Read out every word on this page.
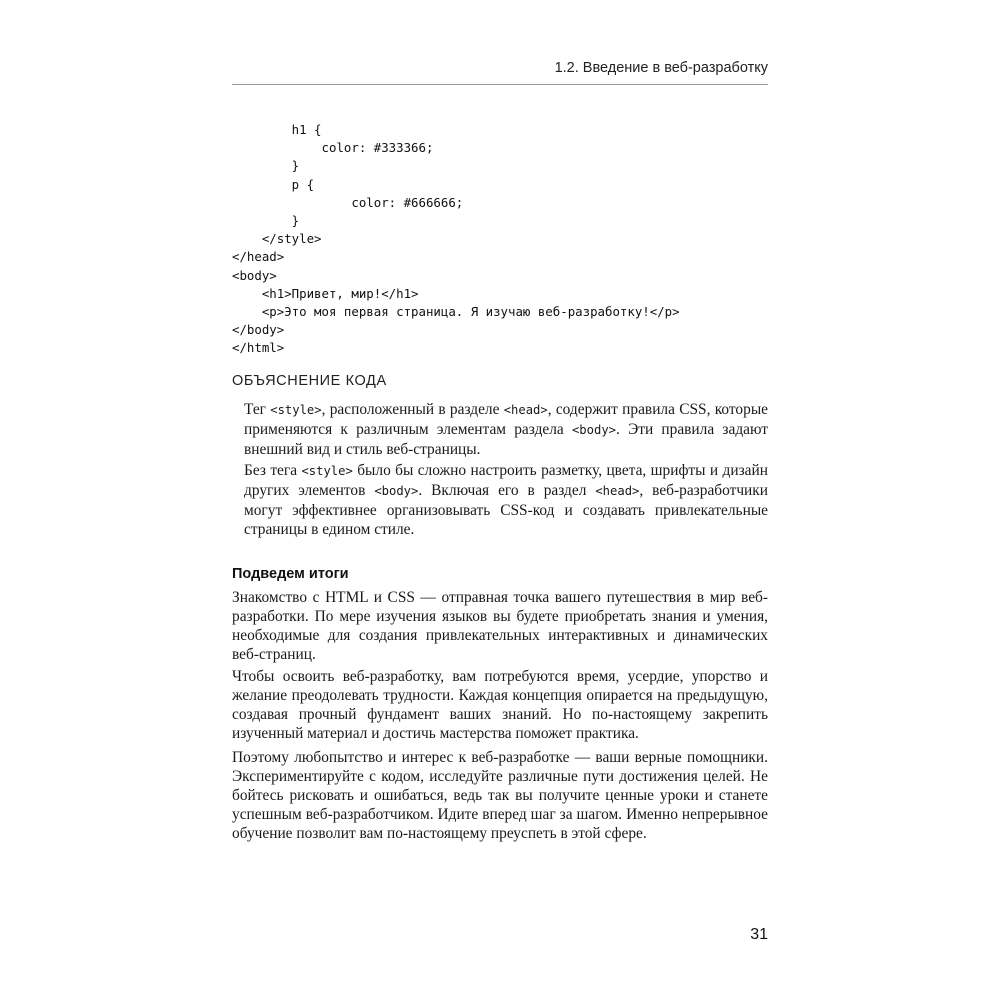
1.2. Введение в веб-разработку
h1 {
color: #333366;
}
p {
color: #666666;
}
</style>
</head>
<body>
<h1>Привет, мир!</h1>
<p>Это моя первая страница. Я изучаю веб-разработку!</p>
</body>
</html>
ОБЪЯСНЕНИЕ КОДА

Тег <style>, расположенный в разделе <head>, содержит правила CSS, которые применяются к различным элементам раздела <body>. Эти правила задают внешний вид и стиль веб-страницы.

Без тега <style> было бы сложно настроить разметку, цвета, шрифты и дизайн других элементов <body>. Включая его в раздел <head>, веб-разработчики могут эффективнее организовывать CSS-код и создавать привлекательные страницы в едином стиле.

Подведем итоги

Знакомство с HTML и CSS — отправная точка вашего путешествия в мир веб-разработки. По мере изучения языков вы будете приобретать знания и умения, необходимые для создания привлекательных интерактивных и динамических веб-страниц.

Чтобы освоить веб-разработку, вам потребуются время, усердие, упорство и желание преодолевать трудности. Каждая концепция опирается на предыдущую, создавая прочный фундамент ваших знаний. Но по-настоящему закрепить изученный материал и достичь мастерства поможет практика.

Поэтому любопытство и интерес к веб-разработке — ваши верные помощники. Экспериментируйте с кодом, исследуйте различные пути достижения целей. Не бойтесь рисковать и ошибаться, ведь так вы получите ценные уроки и станете успешным веб-разработчиком. Идите вперед шаг за шагом. Именно непрерывное обучение позволит вам по-настоящему преуспеть в этой сфере.

31
